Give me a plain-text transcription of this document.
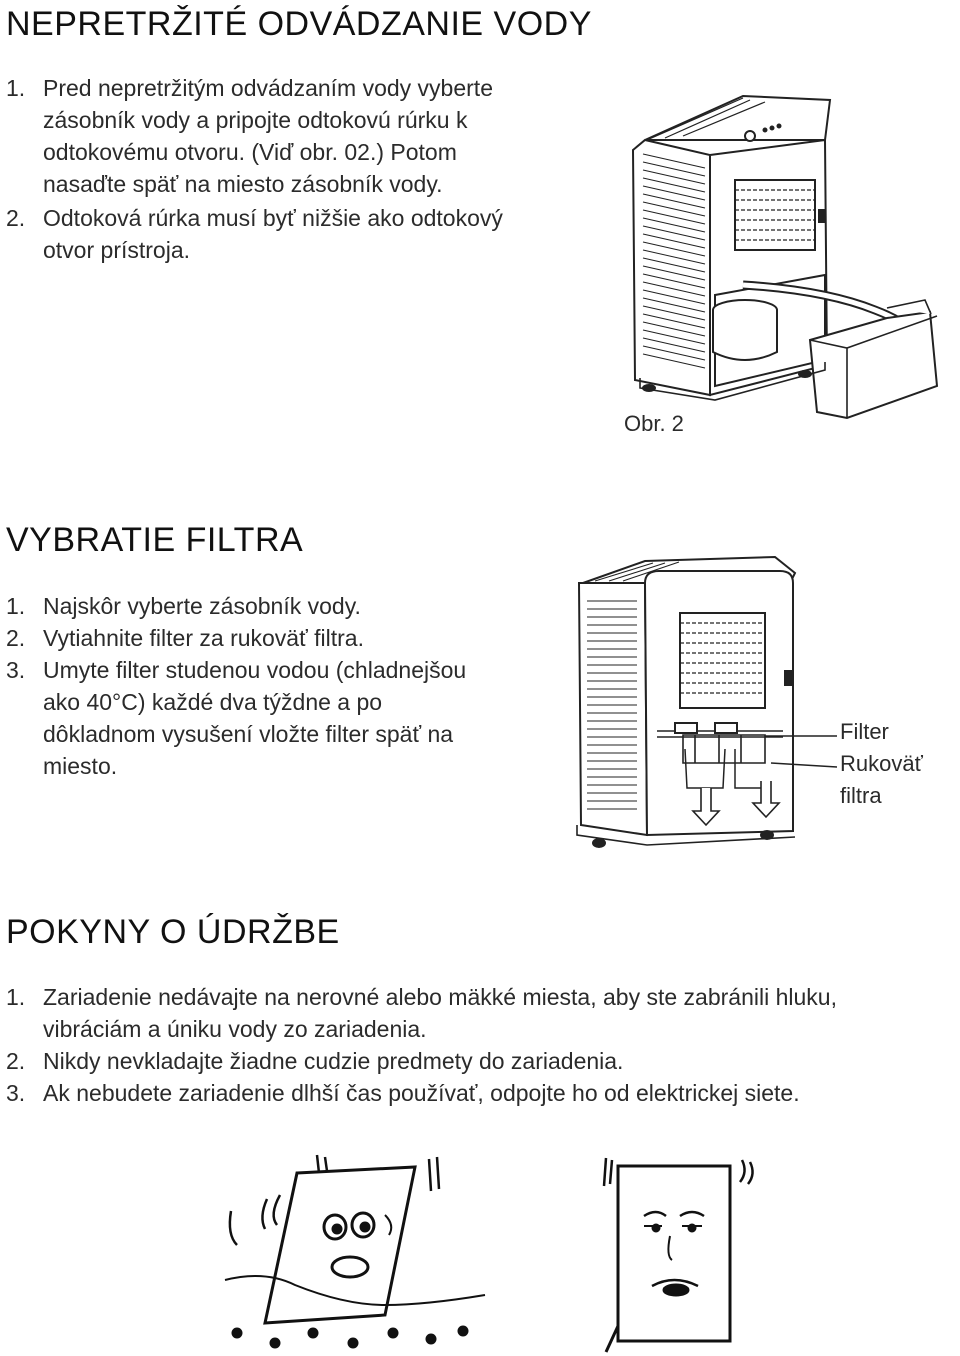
NEPRETRŽITÉ ODVÁDZANIE VODY
1. Pred nepretržitým odvádzaním vody vyberte
zásobník vody a pripojte odtokovú rúrku k
odtokovému otvoru. (Viď obr. 02.) Potom
nasaďte späť na miesto zásobník vody.
2. Odtoková rúrka musí byť nižšie ako odtokový
otvor prístroja.
Obr. 2
VYBRATIE FILTRA
1. Najskôr vyberte zásobník vody.
2. Vytiahnite filter za rukoväť filtra.
3. Umyte filter studenou vodou (chladnejšou
ako 40°C) každé dva týždne a po
dôkladnom vysušení vložte filter späť na
miesto.
Filter
Rukoväť
filtra
POKYNY O ÚDRŽBE
1. Zariadenie nedávajte na nerovné alebo mäkké miesta, aby ste zabránili hluku,
vibráciám a úniku vody zo zariadenia.
2. Nikdy nevkladajte žiadne cudzie predmety do zariadenia.
3. Ak nebudete zariadenie dlhší čas používať, odpojte ho od elektrickej siete.
